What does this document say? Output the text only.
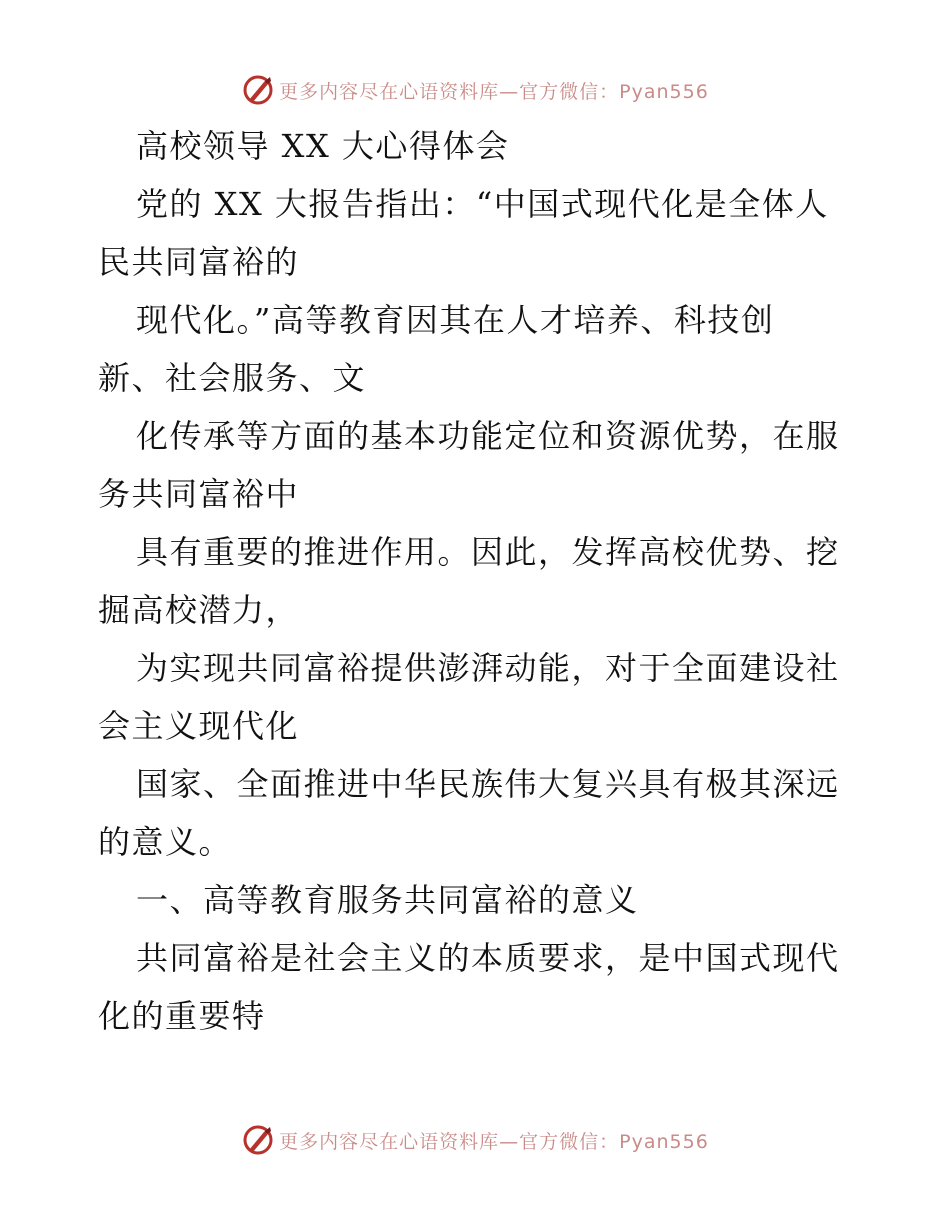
更多内容尽在心语资料库—官方微信：Pyan556
高校领导 XX 大心得体会
党的 XX 大报告指出：“中国式现代化是全体人
民共同富裕的
现代化。”高等教育因其在人才培养、科技创
新、社会服务、文
化传承等方面的基本功能定位和资源优势，在服
务共同富裕中
具有重要的推进作用。因此，发挥高校优势、挖
掘高校潜力，
为实现共同富裕提供澎湃动能，对于全面建设社
会主义现代化
国家、全面推进中华民族伟大复兴具有极其深远
的意义。
一、高等教育服务共同富裕的意义
共同富裕是社会主义的本质要求，是中国式现代
化的重要特
更多内容尽在心语资料库—官方微信：Pyan556
